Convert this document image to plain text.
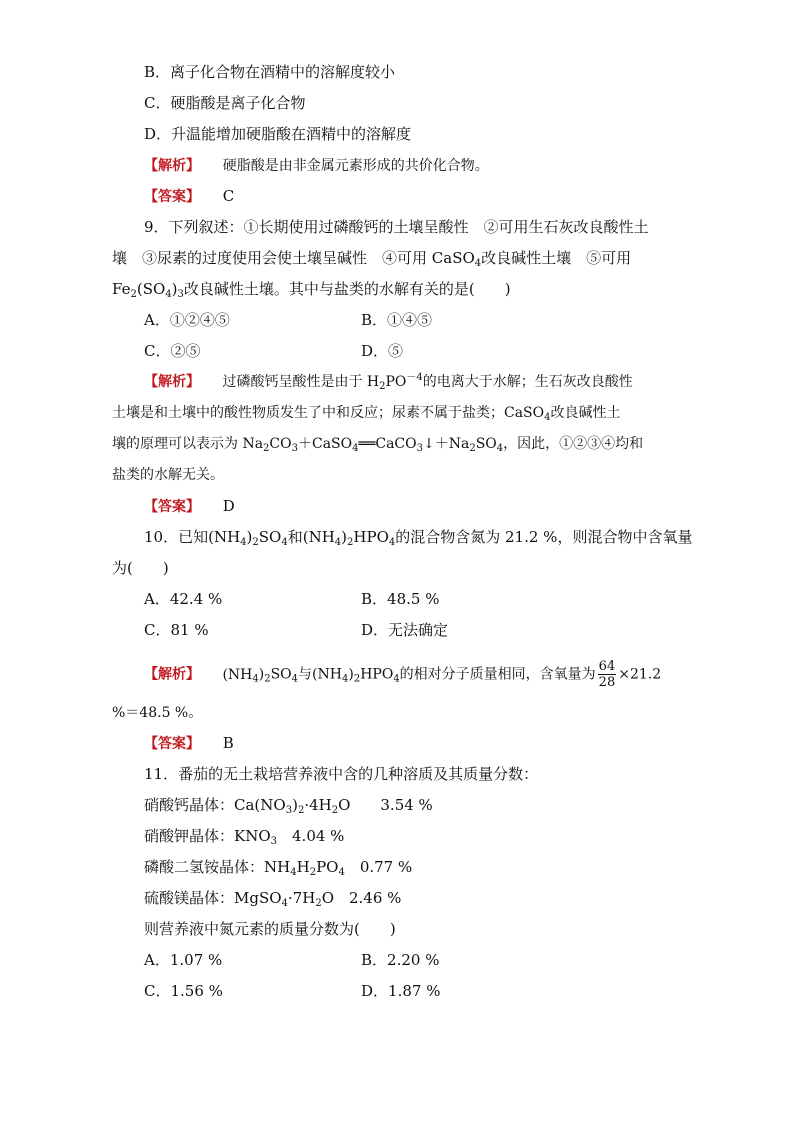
B．离子化合物在酒精中的溶解度较小
C．硬脂酸是离子化合物
D．升温能增加硬脂酸在酒精中的溶解度
【解析】 硬脂酸是由非金属元素形成的共价化合物。
【答案】 C
9．下列叙述：①长期使用过磷酸钙的土壤呈酸性　②可用生石灰改良酸性土
壤　③尿素的过度使用会使土壤呈碱性　④可用 CaSO$_4$改良碱性土壤　⑤可用
$Fe_2(SO_4)_3$改良碱性土壤。其中与盐类的水解有关的是(　　)
A．①②④⑤	B．①④⑤
C．②⑤	D．⑤
【解析】 过磷酸钙呈酸性是由于 $H_2PO^{-4}$的电离大于水解；生石灰改良酸性
土壤是和土壤中的酸性物质发生了中和反应；尿素不属于盐类；CaSO$_4$改良碱性土
壤的原理可以表示为 $Na_2CO_3+CaSO_4══CaCO_3↓+Na_2SO_4$，因此，①②③④均和
盐类的水解无关。
【答案】 D
10．已知$(NH_4)_2SO_4$和$(NH_4)_2HPO_4$的混合物含氮为 21.2 %，则混合物中含氧量
为(　　)
A．42.4 %	B．48.5 %
C．81 %	D．无法确定
【解析】 $(NH_4)_2SO_4$与$(NH_4)_2HPO_4$的相对分子质量相同，含氧量为 $\frac{64}{28} \times 21.2$
%＝48.5 %。
【答案】 B
11．番茄的无土栽培营养液中含的几种溶质及其质量分数：
硝酸钙晶体：$Ca(NO_3)_2\cdot 4H_2O$　　3.54 %
硝酸钾晶体：$KNO_3$　4.04 %
磷酸二氢铵晶体：$NH_4H_2PO_4$　0.77 %
硫酸镁晶体：$MgSO_4\cdot 7H_2O$　2.46 %
则营养液中氮元素的质量分数为(　　)
A．1.07 %	B．2.20 %
C．1.56 %	D．1.87 %
